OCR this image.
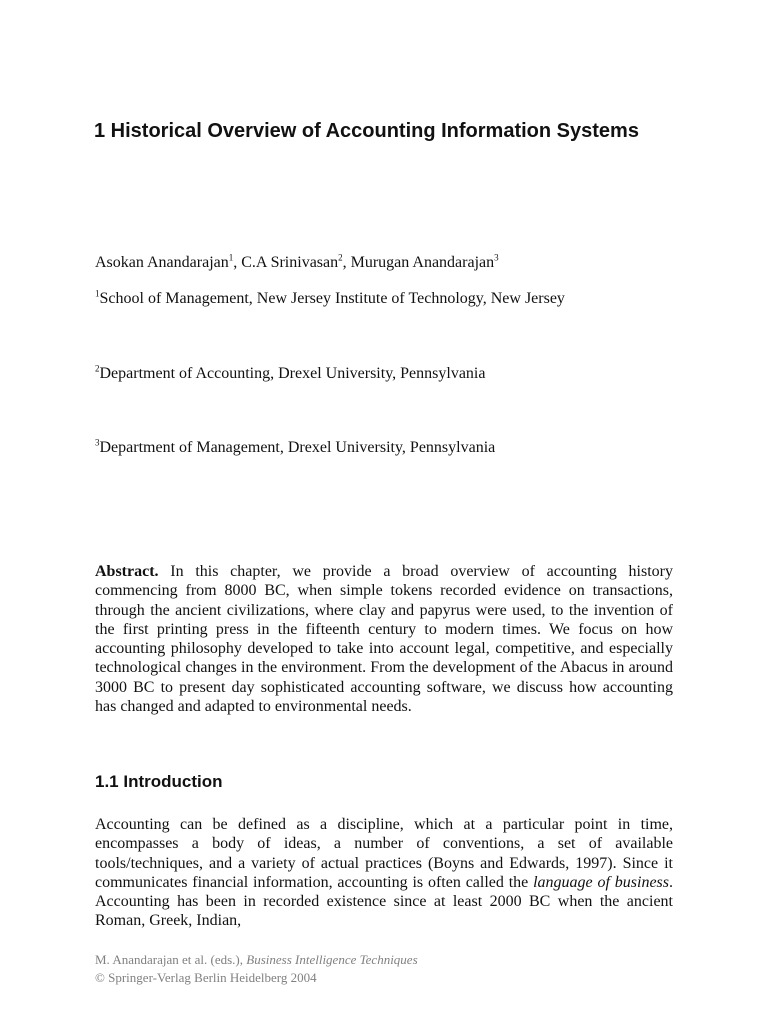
1 Historical Overview of Accounting Information Systems
Asokan Anandarajan$^1$, C.A Srinivasan$^2$, Murugan Anandarajan$^3$
$^1$School of Management, New Jersey Institute of Technology, New Jersey
$^2$Department of Accounting, Drexel University, Pennsylvania
$^3$Department of Management, Drexel University, Pennsylvania
Abstract. In this chapter, we provide a broad overview of accounting history commencing from 8000 BC, when simple tokens recorded evidence on transactions, through the ancient civilizations, where clay and papyrus were used, to the invention of the first printing press in the fifteenth century to modern times. We focus on how accounting philosophy developed to take into account legal, competitive, and especially technological changes in the environment. From the development of the Abacus in around 3000 BC to present day sophisticated accounting software, we discuss how accounting has changed and adapted to environmental needs.
1.1 Introduction
Accounting can be defined as a discipline, which at a particular point in time, encompasses a body of ideas, a number of conventions, a set of available tools/techniques, and a variety of actual practices (Boyns and Edwards, 1997). Since it communicates financial information, accounting is often called the language of business. Accounting has been in recorded existence since at least 2000 BC when the ancient Roman, Greek, Indian,
M. Anandarajan et al. (eds.), Business Intelligence Techniques
© Springer-Verlag Berlin Heidelberg 2004
